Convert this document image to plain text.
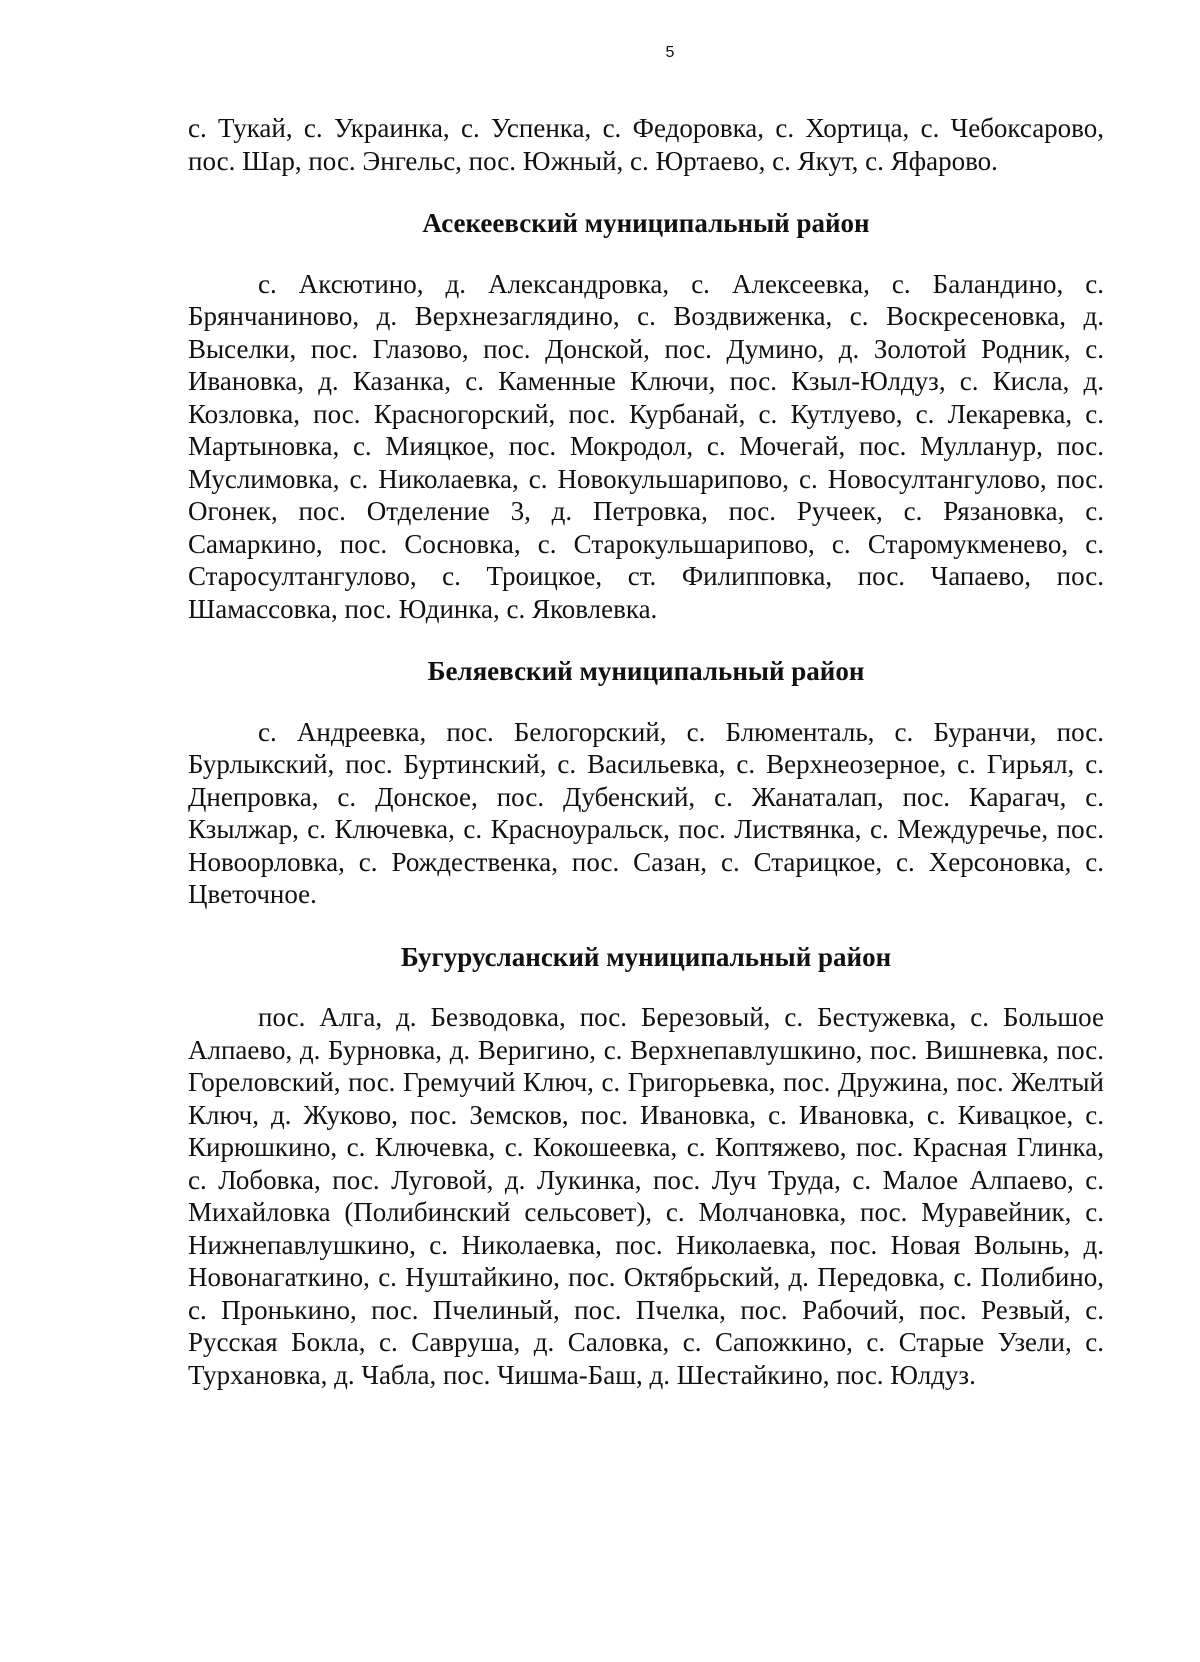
5

с. Тукай, с. Украинка, с. Успенка, с. Федоровка, с. Хортица, с. Чебоксарово, пос. Шар, пос. Энгельс, пос. Южный, с. Юртаево, с. Якут, с. Яфарово.

Асекеевский муниципальный район

с. Аксютино, д. Александровка, с. Алексеевка, с. Баландино, с. Брянчаниново, д. Верхнезаглядино, с. Воздвиженка, с. Воскресеновка, д. Выселки, пос. Глазово, пос. Донской, пос. Думино, д. Золотой Родник, с. Ивановка, д. Казанка, с. Каменные Ключи, пос. Кзыл-Юлдуз, с. Кисла, д. Козловка, пос. Красногорский, пос. Курбанай, с. Кутлуево, с. Лекаревка, с. Мартыновка, с. Мияцкое, пос. Мокродол, с. Мочегай, пос. Мулланур, пос. Муслимовка, с. Николаевка, с. Новокульшарипово, с. Новосултангулово, пос. Огонек, пос. Отделение 3, д. Петровка, пос. Ручеек, с. Рязановка, с. Самаркино, пос. Сосновка, с. Старокульшарипово, с. Старомукменево, с. Старосултангулово, с. Троицкое, ст. Филипповка, пос. Чапаево, пос. Шамассовка, пос. Юдинка, с. Яковлевка.

Беляевский муниципальный район

с. Андреевка, пос. Белогорский, с. Блюменталь, с. Буранчи, пос. Бурлыкский, пос. Буртинский, с. Васильевка, с. Верхнеозерное, с. Гирьял, с. Днепровка, с. Донское, пос. Дубенский, с. Жанаталап, пос. Карагач, с. Кзылжар, с. Ключевка, с. Красноуральск, пос. Листвянка, с. Междуречье, пос. Новоорловка, с. Рождественка, пос. Сазан, с. Старицкое, с. Херсоновка, с. Цветочное.

Бугурусланский муниципальный район

пос. Алга, д. Безводовка, пос. Березовый, с. Бестужевка, с. Большое Алпаево, д. Бурновка, д. Веригино, с. Верхнепавлушкино, пос. Вишневка, пос. Гореловский, пос. Гремучий Ключ, с. Григорьевка, пос. Дружина, пос. Желтый Ключ, д. Жуково, пос. Земсков, пос. Ивановка, с. Ивановка, с. Кивацкое, с. Кирюшкино, с. Ключевка, с. Кокошеевка, с. Коптяжево, пос. Красная Глинка, с. Лобовка, пос. Луговой, д. Лукинка, пос. Луч Труда, с. Малое Алпаево, с. Михайловка (Полибинский сельсовет), с. Молчановка, пос. Муравейник, с. Нижнепавлушкино, с. Николаевка, пос. Николаевка, пос. Новая Волынь, д. Новонагаткино, с. Нуштайкино, пос. Октябрьский, д. Передовка, с. Полибино, с. Пронькино, пос. Пчелиный, пос. Пчелка, пос. Рабочий, пос. Резвый, с. Русская Бокла, с. Савруша, д. Саловка, с. Сапожкино, с. Старые Узели, с. Турхановка, д. Чабла, пос. Чишма-Баш, д. Шестайкино, пос. Юлдуз.
